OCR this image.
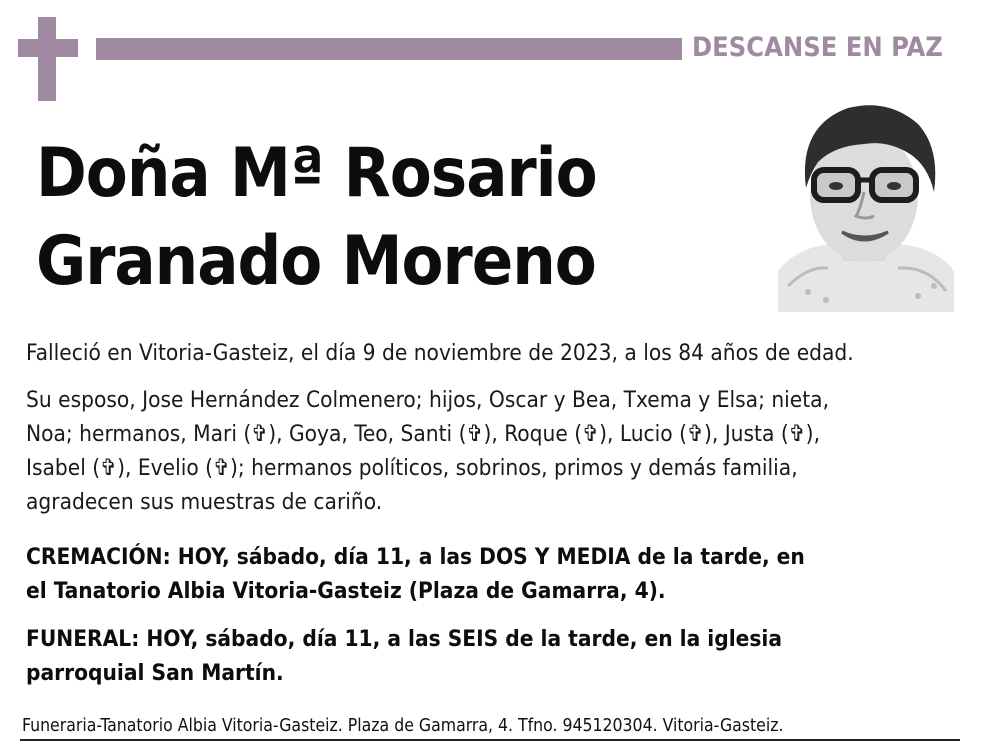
DESCANSE EN PAZ
Doña Mª Rosario
Granado Moreno
Falleció en Vitoria-Gasteiz, el día 9 de noviembre de 2023, a los 84 años de edad.
Su esposo, Jose Hernández Colmenero; hijos, Oscar y Bea, Txema y Elsa; nieta,
Noa; hermanos, Mari (✞), Goya, Teo, Santi (✞), Roque (✞), Lucio (✞), Justa (✞),
Isabel (✞), Evelio (✞); hermanos políticos, sobrinos, primos y demás familia,
agradecen sus muestras de cariño.
CREMACIÓN: HOY, sábado, día 11, a las DOS Y MEDIA de la tarde, en
el Tanatorio Albia Vitoria-Gasteiz (Plaza de Gamarra, 4).
FUNERAL: HOY, sábado, día 11, a las SEIS de la tarde, en la iglesia
parroquial San Martín.
Funeraria-Tanatorio Albia Vitoria-Gasteiz. Plaza de Gamarra, 4. Tfno. 945120304. Vitoria-Gasteiz.
